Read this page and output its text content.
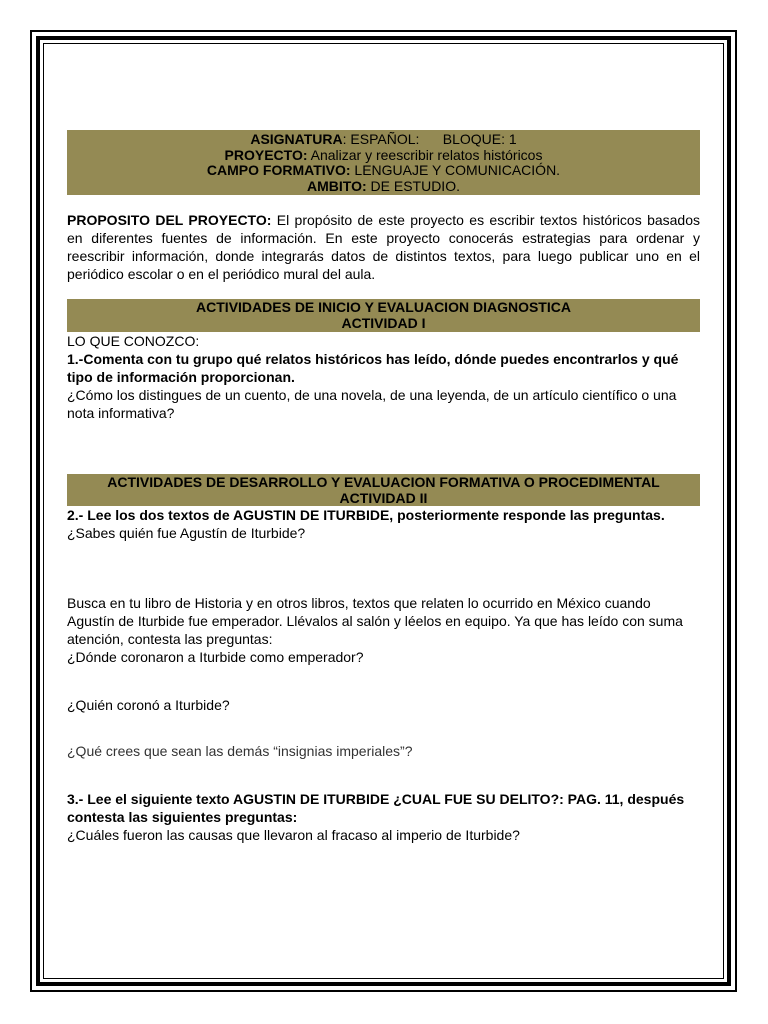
ASIGNATURA: ESPAÑOL:      BLOQUE: 1
PROYECTO: Analizar y reescribir relatos históricos
CAMPO FORMATIVO: LENGUAJE Y COMUNICACIÓN.
AMBITO: DE ESTUDIO.

PROPOSITO DEL PROYECTO: El propósito de este proyecto es escribir textos históricos basados en diferentes fuentes de información. En este proyecto conocerás estrategias para ordenar y reescribir información, donde integrarás datos de distintos textos, para luego publicar uno en el periódico escolar o en el periódico mural del aula.

ACTIVIDADES DE INICIO Y EVALUACION DIAGNOSTICA
ACTIVIDAD I

LO QUE CONOZCO:

1.-Comenta con tu grupo qué relatos históricos has leído, dónde puedes encontrarlos y qué tipo de información proporcionan.

¿Cómo los distingues de un cuento, de una novela, de una leyenda, de un artículo científico o una nota informativa?

ACTIVIDADES DE DESARROLLO Y EVALUACION FORMATIVA O PROCEDIMENTAL
ACTIVIDAD II

2.- Lee los dos textos de AGUSTIN DE ITURBIDE, posteriormente responde las preguntas.

¿Sabes quién fue Agustín de Iturbide?

Busca en tu libro de Historia y en otros libros, textos que relaten lo ocurrido en México cuando Agustín de Iturbide fue emperador. Llévalos al salón y léelos en equipo. Ya que has leído con suma atención, contesta las preguntas:

¿Dónde coronaron a Iturbide como emperador?

¿Quién coronó a Iturbide?

¿Qué crees que sean las demás “insignias imperiales”?

3.- Lee el siguiente texto AGUSTIN DE ITURBIDE ¿CUAL FUE SU DELITO?: PAG. 11, después contesta las siguientes preguntas:

¿Cuáles fueron las causas que llevaron al fracaso al imperio de Iturbide?
